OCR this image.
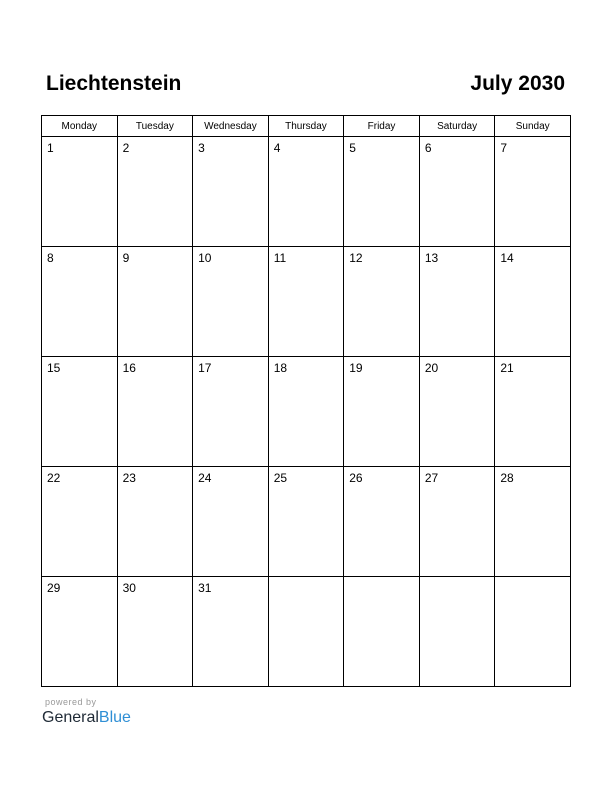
Liechtenstein	July 2030
Monday	Tuesday	Wednesday	Thursday	Friday	Saturday	Sunday

1	2	3	4	5	6	7

8	9	10	11	12	13	14

15	16	17	18	19	20	21

22	23	24	25	26	27	28

29	30	31				

powered by
GeneralBlue
